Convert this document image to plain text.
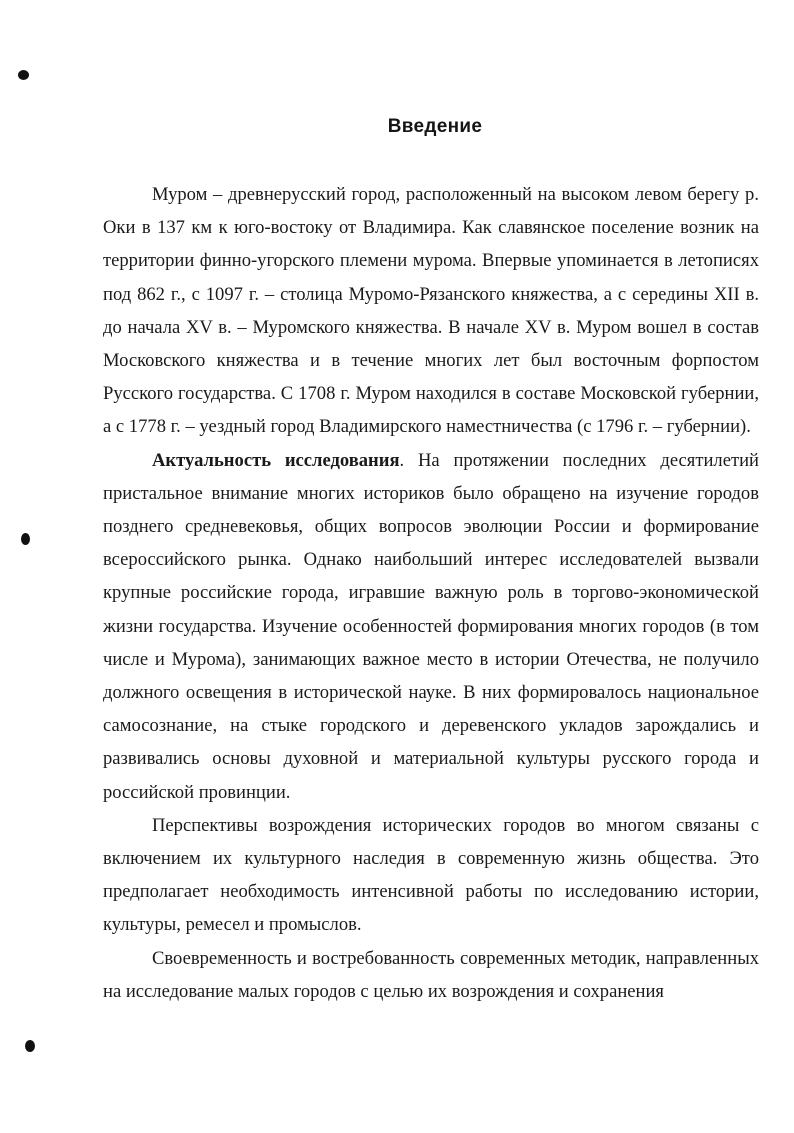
Введение

Муром – древнерусский город, расположенный на высоком левом берегу р. Оки в 137 км к юго-востоку от Владимира. Как славянское поселение возник на территории финно-угорского племени мурома. Впервые упоминается в летописях под 862 г., с 1097 г. – столица Муромо-Рязанского княжества, а с середины XII в. до начала XV в. – Муромского княжества. В начале XV в. Муром вошел в состав Московского княжества и в течение многих лет был восточным форпостом Русского государства. С 1708 г. Муром находился в составе Московской губернии, а с 1778 г. – уездный город Владимирского наместничества (с 1796 г. – губернии).

Актуальность исследования. На протяжении последних десятилетий пристальное внимание многих историков было обращено на изучение городов позднего средневековья, общих вопросов эволюции России и формирование всероссийского рынка. Однако наибольший интерес исследователей вызвали крупные российские города, игравшие важную роль в торгово-экономической жизни государства. Изучение особенностей формирования многих городов (в том числе и Мурома), занимающих важное место в истории Отечества, не получило должного освещения в исторической науке. В них формировалось национальное самосознание, на стыке городского и деревенского укладов зарождались и развивались основы духовной и материальной культуры русского города и российской провинции.

Перспективы возрождения исторических городов во многом связаны с включением их культурного наследия в современную жизнь общества. Это предполагает необходимость интенсивной работы по исследованию истории, культуры, ремесел и промыслов.

Своевременность и востребованность современных методик, направленных на исследование малых городов с целью их возрождения и сохранения
